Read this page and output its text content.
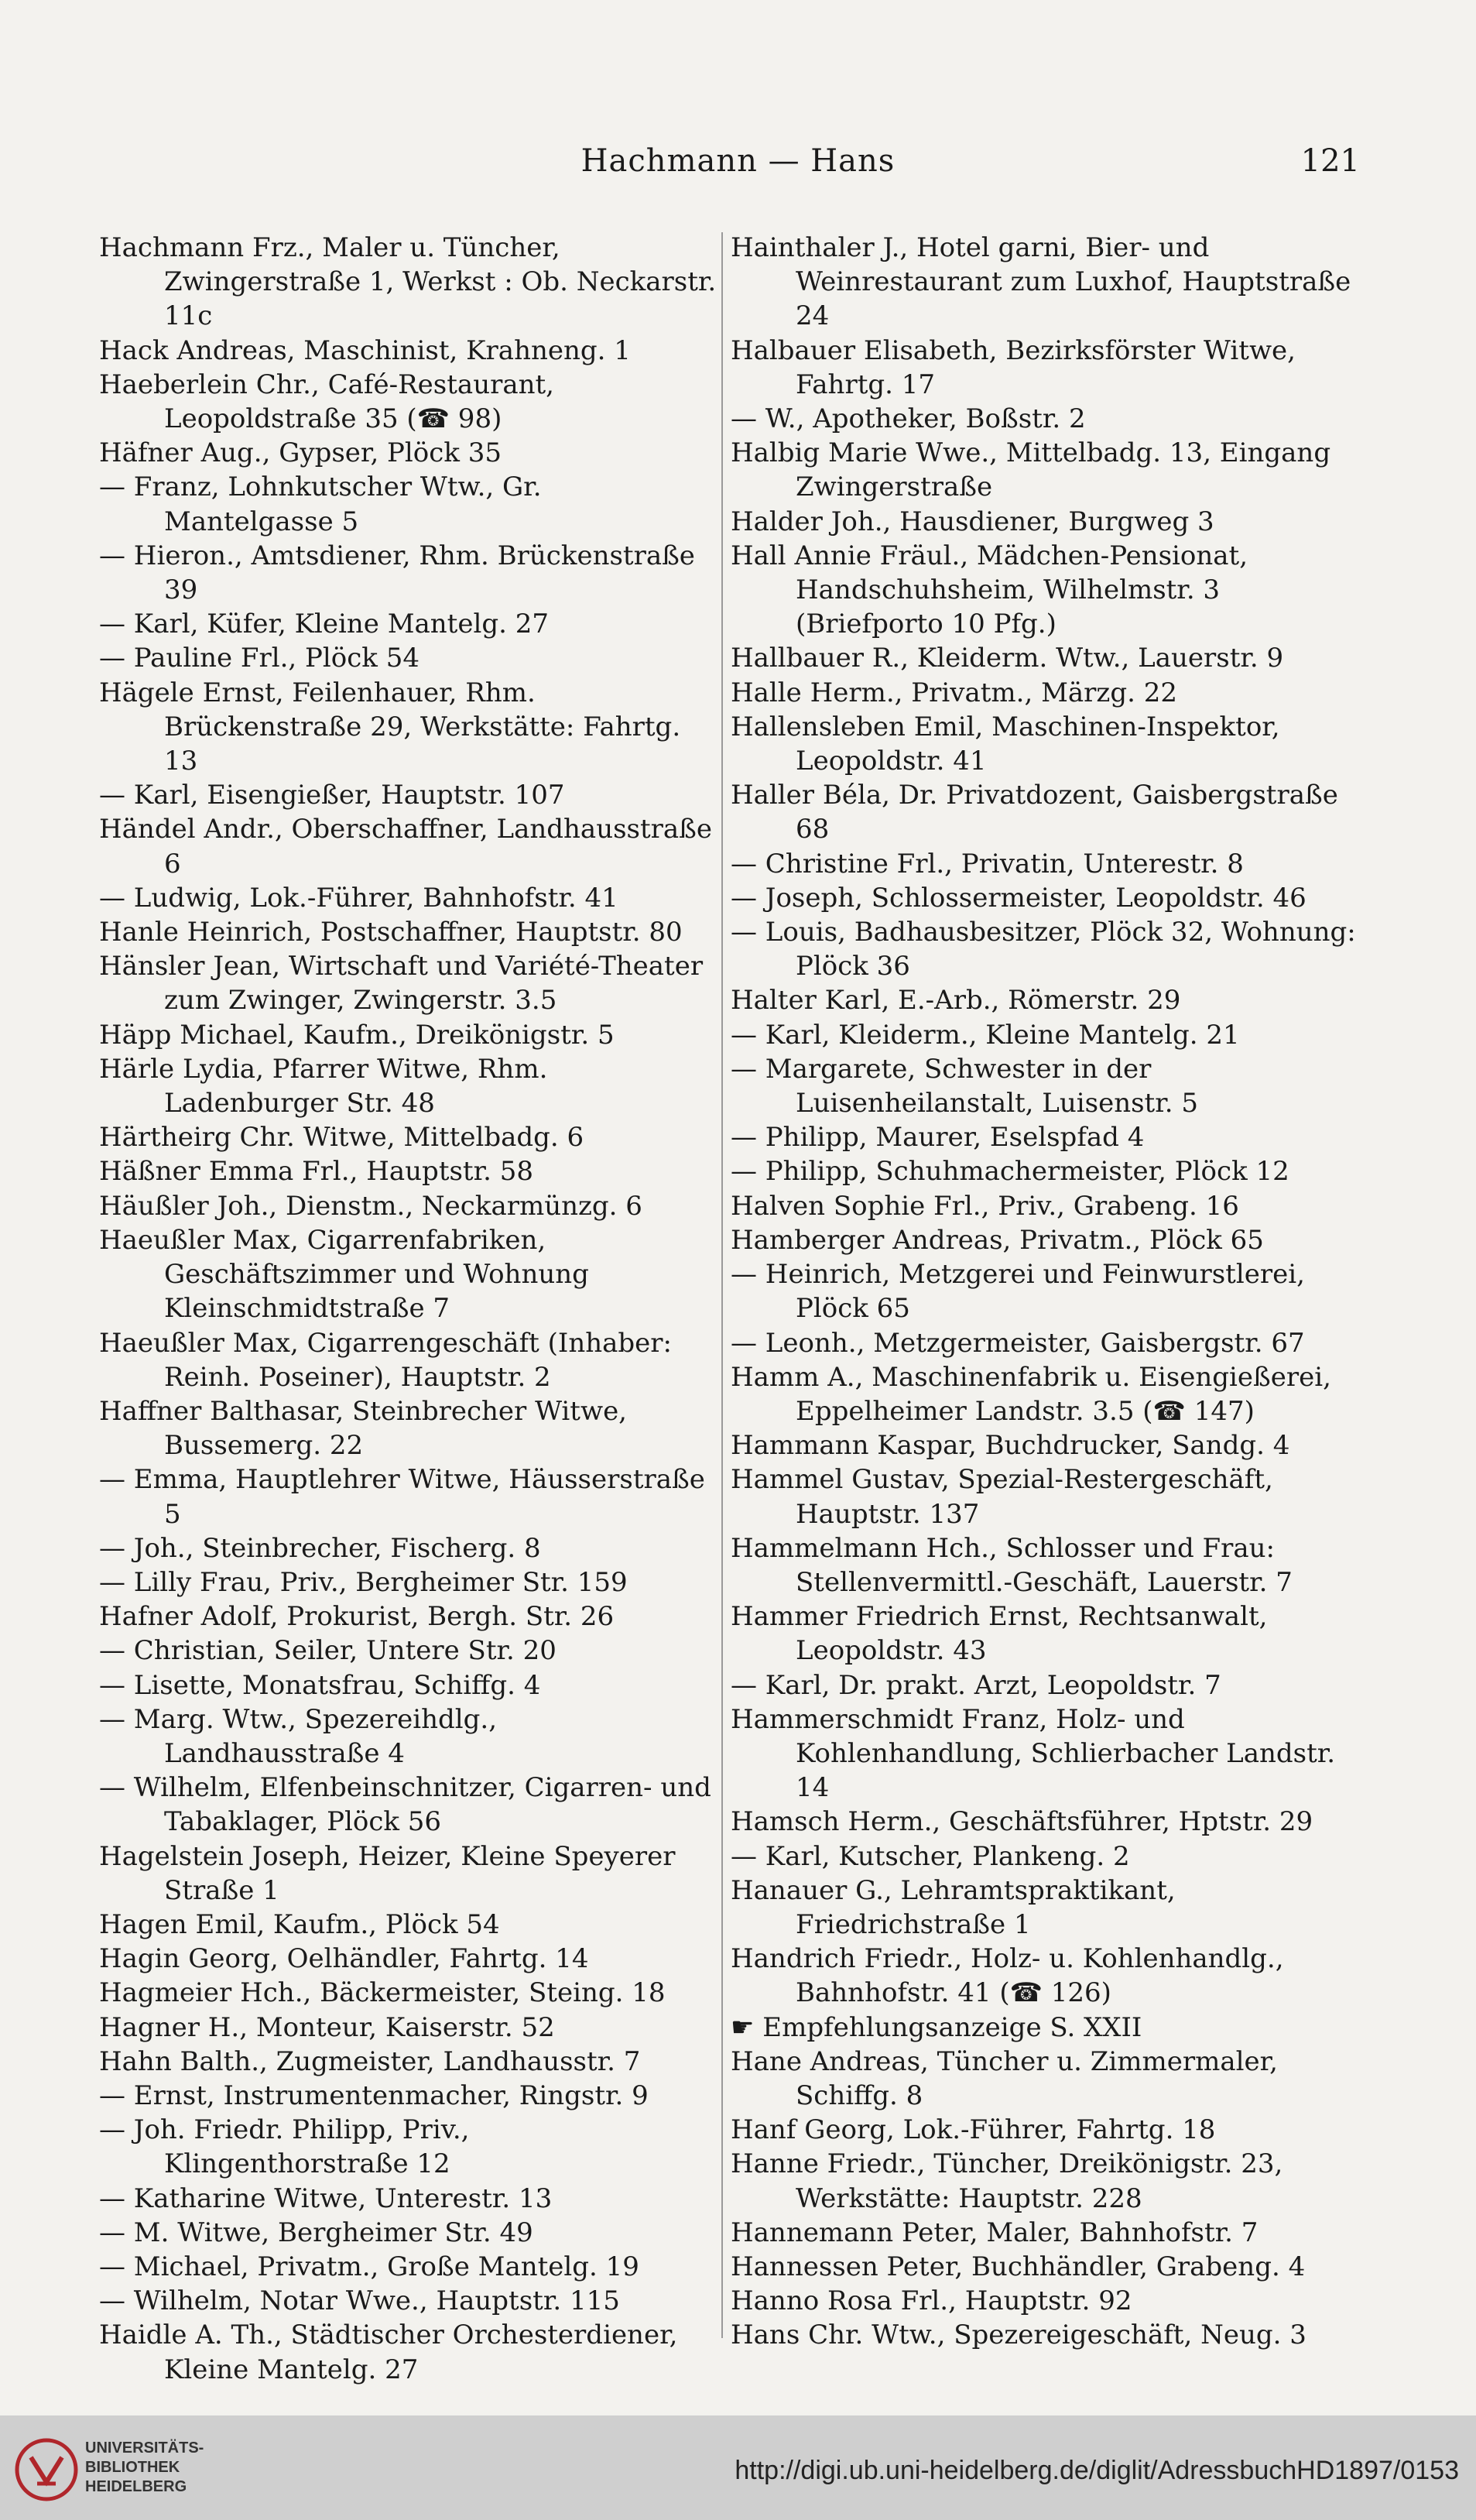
Hachmann — Hans	121
Hachmann Frz., Maler u. Tüncher, Zwingerstraße 1, Werkst : Ob. Neckarstr. 11c
Hack Andreas, Maschinist, Krahneng. 1
Haeberlein Chr., Café-Restaurant, Leopoldstraße 35 (☎ 98)
Häfner Aug., Gypser, Plöck 35
— Franz, Lohnkutscher Wtw., Gr. Mantelgasse 5
— Hieron., Amtsdiener, Rhm. Brückenstraße 39
— Karl, Küfer, Kleine Mantelg. 27
— Pauline Frl., Plöck 54
Hägele Ernst, Feilenhauer, Rhm. Brückenstraße 29, Werkstätte: Fahrtg. 13
— Karl, Eisengießer, Hauptstr. 107
Händel Andr., Oberschaffner, Landhausstraße 6
— Ludwig, Lok.-Führer, Bahnhofstr. 41
Hanle Heinrich, Postschaffner, Hauptstr. 80
Hänsler Jean, Wirtschaft und Variété-Theater zum Zwinger, Zwingerstr. 3.5
Häpp Michael, Kaufm., Dreikönigstr. 5
Härle Lydia, Pfarrer Witwe, Rhm. Ladenburger Str. 48
Härtheirg Chr. Witwe, Mittelbadg. 6
Häßner Emma Frl., Hauptstr. 58
Häußler Joh., Dienstm., Neckarmünzg. 6
Haeußler Max, Cigarrenfabriken, Geschäftszimmer und Wohnung Kleinschmidtstraße 7
Haeußler Max, Cigarrengeschäft (Inhaber: Reinh. Poseiner), Hauptstr. 2
Haffner Balthasar, Steinbrecher Witwe, Bussemerg. 22
— Emma, Hauptlehrer Witwe, Häusserstraße 5
— Joh., Steinbrecher, Fischerg. 8
— Lilly Frau, Priv., Bergheimer Str. 159
Hafner Adolf, Prokurist, Bergh. Str. 26
— Christian, Seiler, Untere Str. 20
— Lisette, Monatsfrau, Schiffg. 4
— Marg. Wtw., Spezereihdlg., Landhausstraße 4
— Wilhelm, Elfenbeinschnitzer, Cigarren- und Tabaklager, Plöck 56
Hagelstein Joseph, Heizer, Kleine Speyerer Straße 1
Hagen Emil, Kaufm., Plöck 54
Hagin Georg, Oelhändler, Fahrtg. 14
Hagmeier Hch., Bäckermeister, Steing. 18
Hagner H., Monteur, Kaiserstr. 52
Hahn Balth., Zugmeister, Landhausstr. 7
— Ernst, Instrumentenmacher, Ringstr. 9
— Joh. Friedr. Philipp, Priv., Klingenthorstraße 12
— Katharine Witwe, Unterestr. 13
— M. Witwe, Bergheimer Str. 49
— Michael, Privatm., Große Mantelg. 19
— Wilhelm, Notar Wwe., Hauptstr. 115
Haidle A. Th., Städtischer Orchesterdiener, Kleine Mantelg. 27
Hainthaler J., Hotel garni, Bier- und Weinrestaurant zum Luxhof, Hauptstraße 24
Halbauer Elisabeth, Bezirksförster Witwe, Fahrtg. 17
— W., Apotheker, Boßstr. 2
Halbig Marie Wwe., Mittelbadg. 13, Eingang Zwingerstraße
Halder Joh., Hausdiener, Burgweg 3
Hall Annie Fräul., Mädchen-Pensionat, Handschuhsheim, Wilhelmstr. 3 (Briefporto 10 Pfg.)
Hallbauer R., Kleiderm. Wtw., Lauerstr. 9
Halle Herm., Privatm., Märzg. 22
Hallensleben Emil, Maschinen-Inspektor, Leopoldstr. 41
Haller Béla, Dr. Privatdozent, Gaisbergstraße 68
— Christine Frl., Privatin, Unterestr. 8
— Joseph, Schlossermeister, Leopoldstr. 46
— Louis, Badhausbesitzer, Plöck 32, Wohnung: Plöck 36
Halter Karl, E.-Arb., Römerstr. 29
— Karl, Kleiderm., Kleine Mantelg. 21
— Margarete, Schwester in der Luisenheilanstalt, Luisenstr. 5
— Philipp, Maurer, Eselspfad 4
— Philipp, Schuhmachermeister, Plöck 12
Halven Sophie Frl., Priv., Grabeng. 16
Hamberger Andreas, Privatm., Plöck 65
— Heinrich, Metzgerei und Feinwurstlerei, Plöck 65
— Leonh., Metzgermeister, Gaisbergstr. 67
Hamm A., Maschinenfabrik u. Eisengießerei, Eppelheimer Landstr. 3.5 (☎ 147)
Hammann Kaspar, Buchdrucker, Sandg. 4
Hammel Gustav, Spezial-Restergeschäft, Hauptstr. 137
Hammelmann Hch., Schlosser und Frau: Stellenvermittl.-Geschäft, Lauerstr. 7
Hammer Friedrich Ernst, Rechtsanwalt, Leopoldstr. 43
— Karl, Dr. prakt. Arzt, Leopoldstr. 7
Hammerschmidt Franz, Holz- und Kohlenhandlung, Schlierbacher Landstr. 14
Hamsch Herm., Geschäftsführer, Hptstr. 29
— Karl, Kutscher, Plankeng. 2
Hanauer G., Lehramtspraktikant, Friedrichstraße 1
Handrich Friedr., Holz- u. Kohlenhandlg., Bahnhofstr. 41 (☎ 126)
☛ Empfehlungsanzeige S. XXII
Hane Andreas, Tüncher u. Zimmermaler, Schiffg. 8
Hanf Georg, Lok.-Führer, Fahrtg. 18
Hanne Friedr., Tüncher, Dreikönigstr. 23, Werkstätte: Hauptstr. 228
Hannemann Peter, Maler, Bahnhofstr. 7
Hannessen Peter, Buchhändler, Grabeng. 4
Hanno Rosa Frl., Hauptstr. 92
Hans Chr. Wtw., Spezereigeschäft, Neug. 3
UNIVERSITÄTS-
BIBLIOTHEK
HEIDELBERG
http://digi.ub.uni-heidelberg.de/diglit/AdressbuchHD1897/0153
